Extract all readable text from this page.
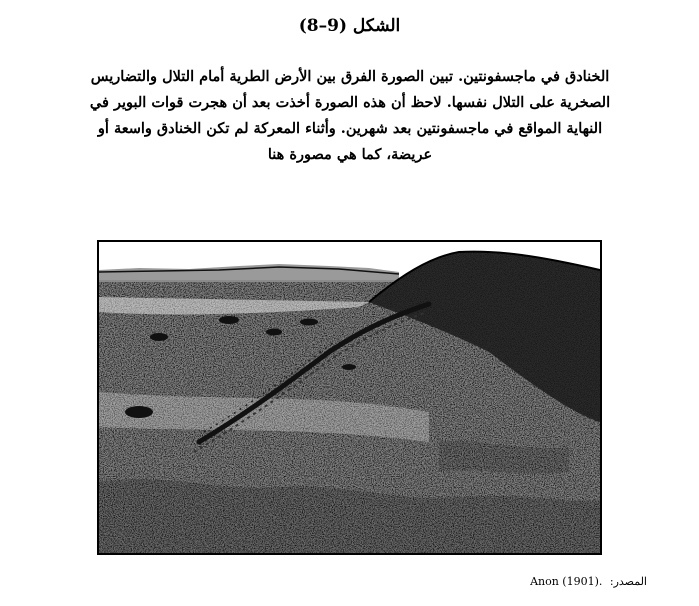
الشكل (9–8)
الخنادق في ماجسفونتين. تبين الصورة الفرق بين الأرض الطرية أمام التلال والتضاريس
الصخرية على التلال نفسها. لاحظ أن هذه الصورة أخذت بعد أن هجرت قوات البوير في
النهاية المواقع في ماجسفونتين بعد شهرين. وأثناء المعركة لم تكن الخنادق واسعة أو
عريضة، كما هي مصورة هنا
المصدر: Anon (1901).
